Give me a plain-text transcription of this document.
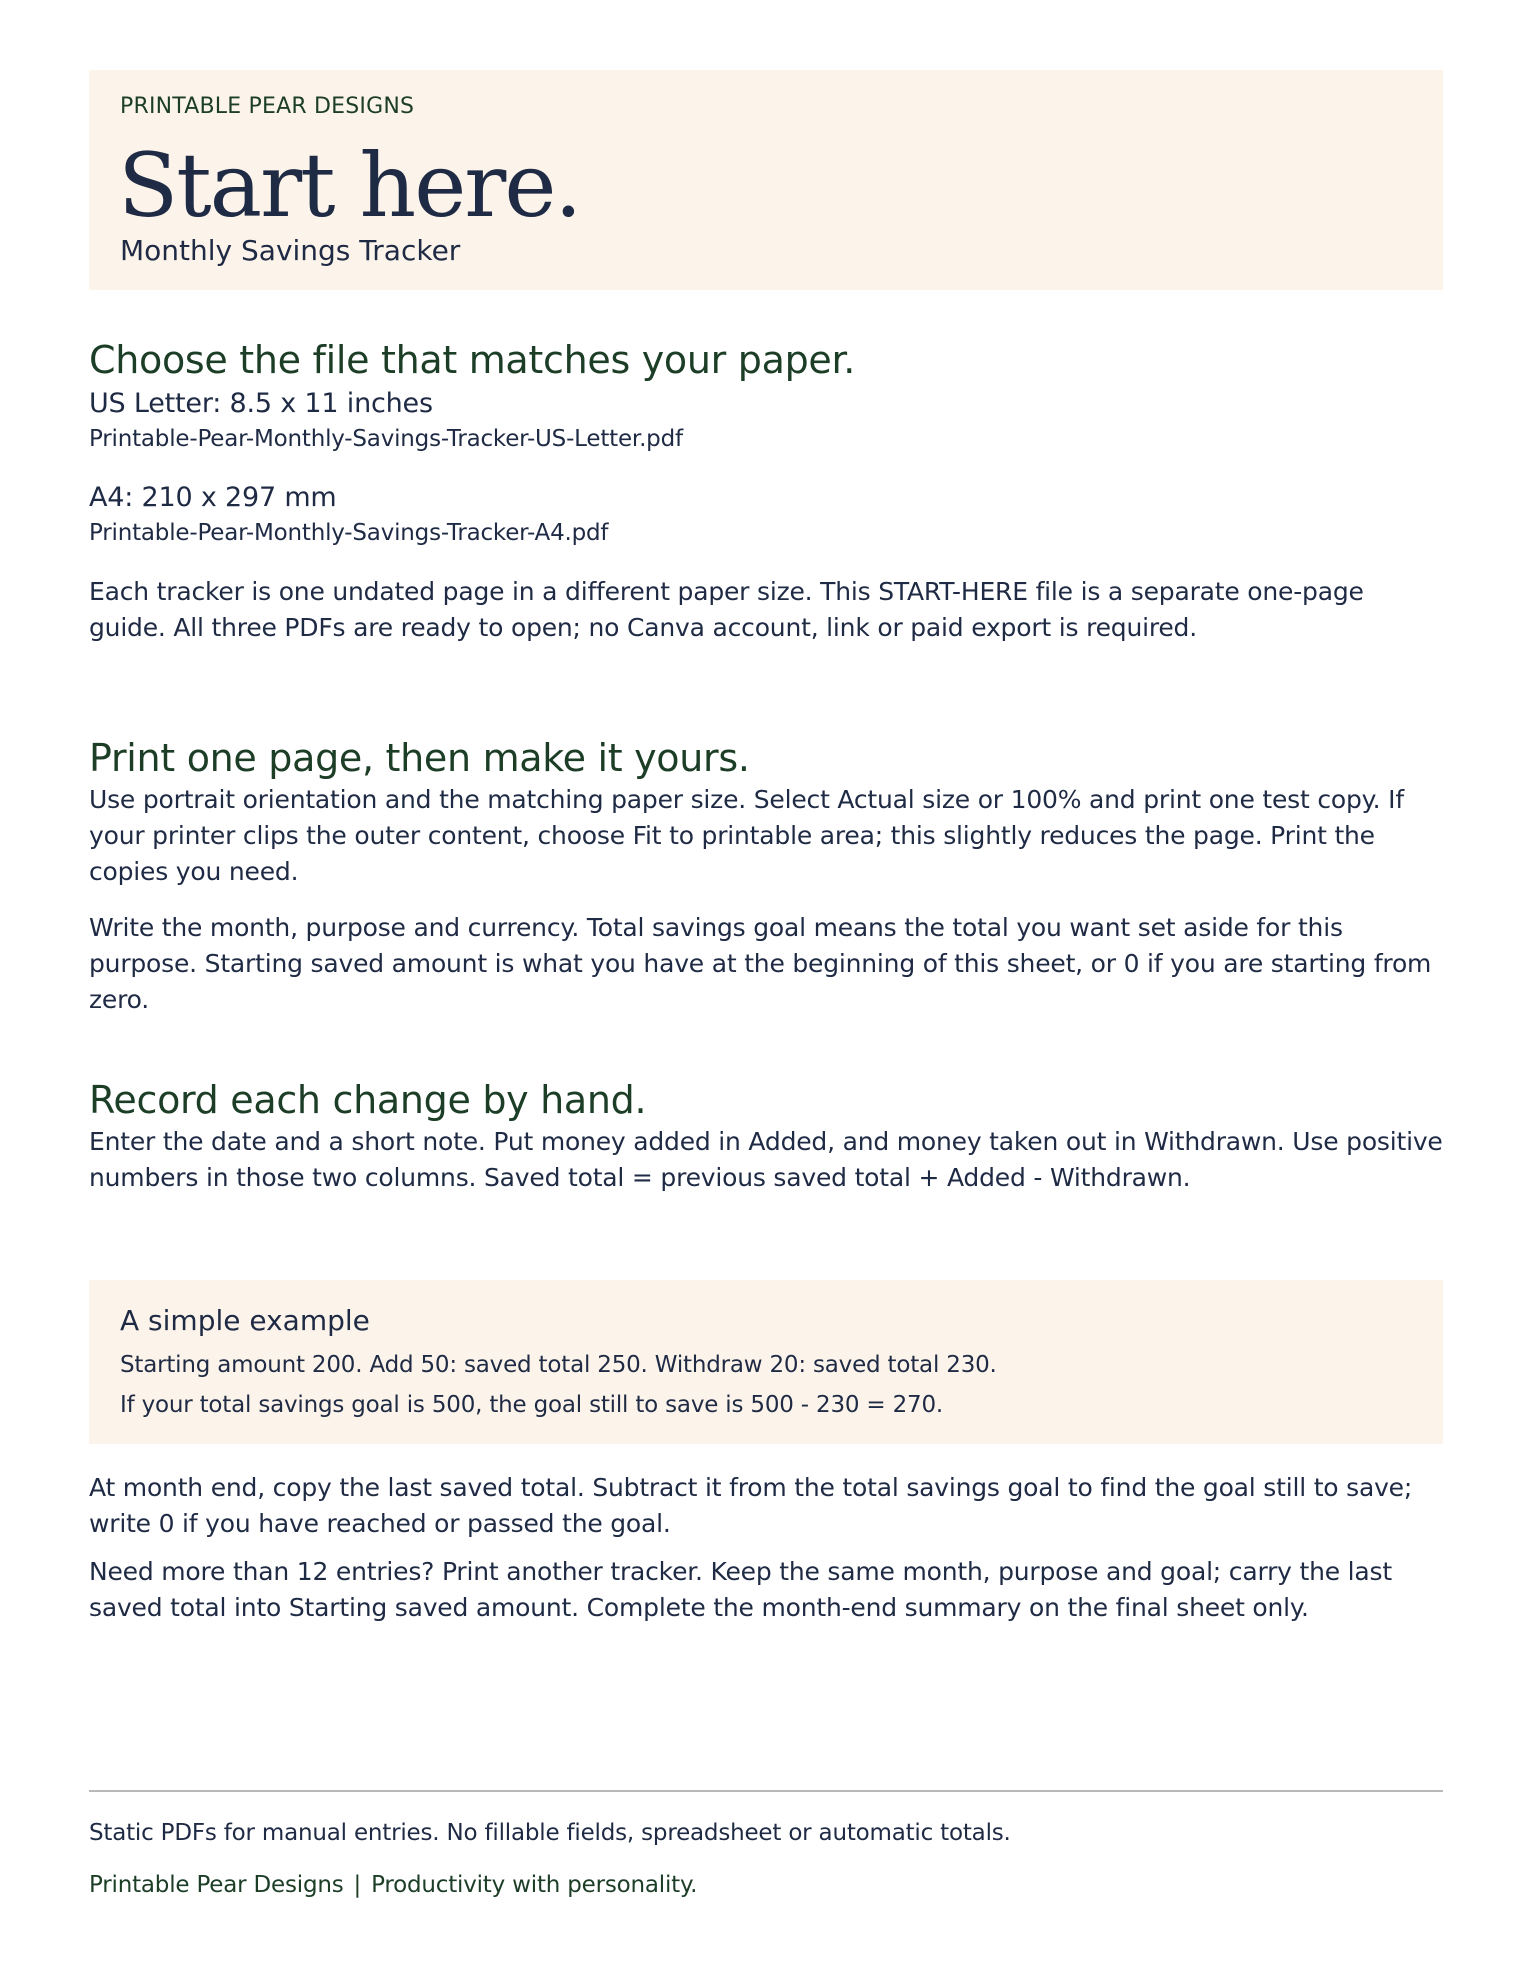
PRINTABLE PEAR DESIGNS
Start here.
Monthly Savings Tracker
Choose the file that matches your paper.
US Letter: 8.5 x 11 inches
Printable-Pear-Monthly-Savings-Tracker-US-Letter.pdf
A4: 210 x 297 mm
Printable-Pear-Monthly-Savings-Tracker-A4.pdf

Each tracker is one undated page in a different paper size. This START-HERE file is a separate one-page guide. All three PDFs are ready to open; no Canva account, link or paid export is required.

Print one page, then make it yours.

Use portrait orientation and the matching paper size. Select Actual size or 100% and print one test copy. If your printer clips the outer content, choose Fit to printable area; this slightly reduces the page. Print the copies you need.

Write the month, purpose and currency. Total savings goal means the total you want set aside for this purpose. Starting saved amount is what you have at the beginning of this sheet, or 0 if you are starting from zero.

Record each change by hand.

Enter the date and a short note. Put money added in Added, and money taken out in Withdrawn. Use positive numbers in those two columns. Saved total = previous saved total + Added - Withdrawn.

A simple example
Starting amount 200. Add 50: saved total 250. Withdraw 20: saved total 230.
If your total savings goal is 500, the goal still to save is 500 - 230 = 270.

At month end, copy the last saved total. Subtract it from the total savings goal to find the goal still to save; write 0 if you have reached or passed the goal.

Need more than 12 entries? Print another tracker. Keep the same month, purpose and goal; carry the last saved total into Starting saved amount. Complete the month-end summary on the final sheet only.

Static PDFs for manual entries. No fillable fields, spreadsheet or automatic totals.
Printable Pear Designs | Productivity with personality.
